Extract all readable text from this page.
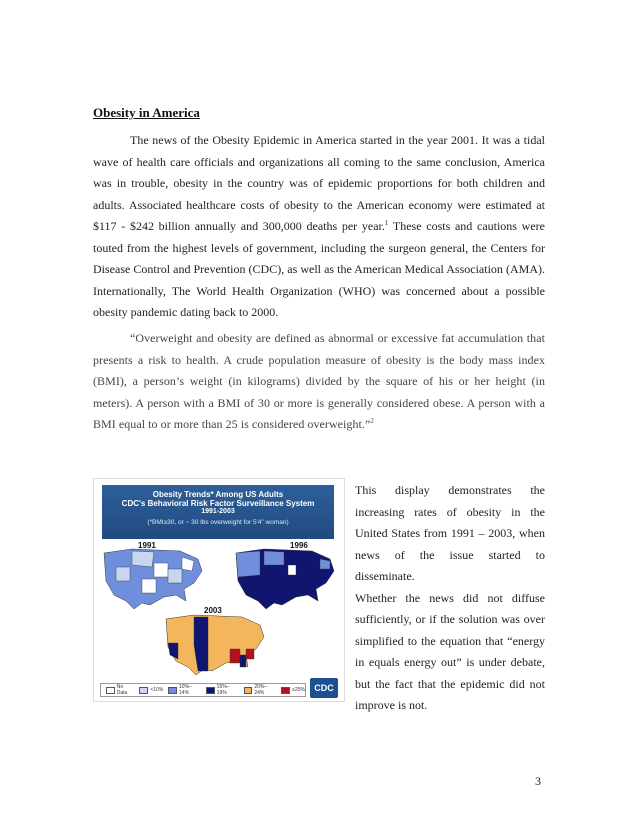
Obesity in America

The news of the Obesity Epidemic in America started in the year 2001. It was a tidal wave of health care officials and organizations all coming to the same conclusion, America was in trouble, obesity in the country was of epidemic proportions for both children and adults. Associated healthcare costs of obesity to the American economy were estimated at $117 - $242 billion annually and 300,000 deaths per year.$^1$ These costs and cautions were touted from the highest levels of government, including the surgeon general, the Centers for Disease Control and Prevention (CDC), as well as the American Medical Association (AMA). Internationally, The World Health Organization (WHO) was concerned about a possible obesity pandemic dating back to 2000.

“Overweight and obesity are defined as abnormal or excessive fat accumulation that presents a risk to health. A crude population measure of obesity is the body mass index (BMI), a person’s weight (in kilograms) divided by the square of his or her height (in meters). A person with a BMI of 30 or more is generally considered obese. A person with a BMI equal to or more than 25 is considered overweight.”$^2$

Obesity Trends* Among US Adults
CDC's Behavioral Risk Factor Surveillance System
1991-2003
(*BMI≥30, or ~ 30 lbs overweight for 5'4" woman)
1991	1996
2003
No Data	<10%	10%–14%
15%–19%
20%–24%	≥25%	CDC

This display demonstrates the increasing rates of obesity in the United States from 1991 – 2003, when news of the issue started to disseminate.

Whether the news did not diffuse sufficiently, or if the solution was over simplified to the equation that “energy in equals energy out” is under debate, but the fact that the epidemic did not improve is not.

3
